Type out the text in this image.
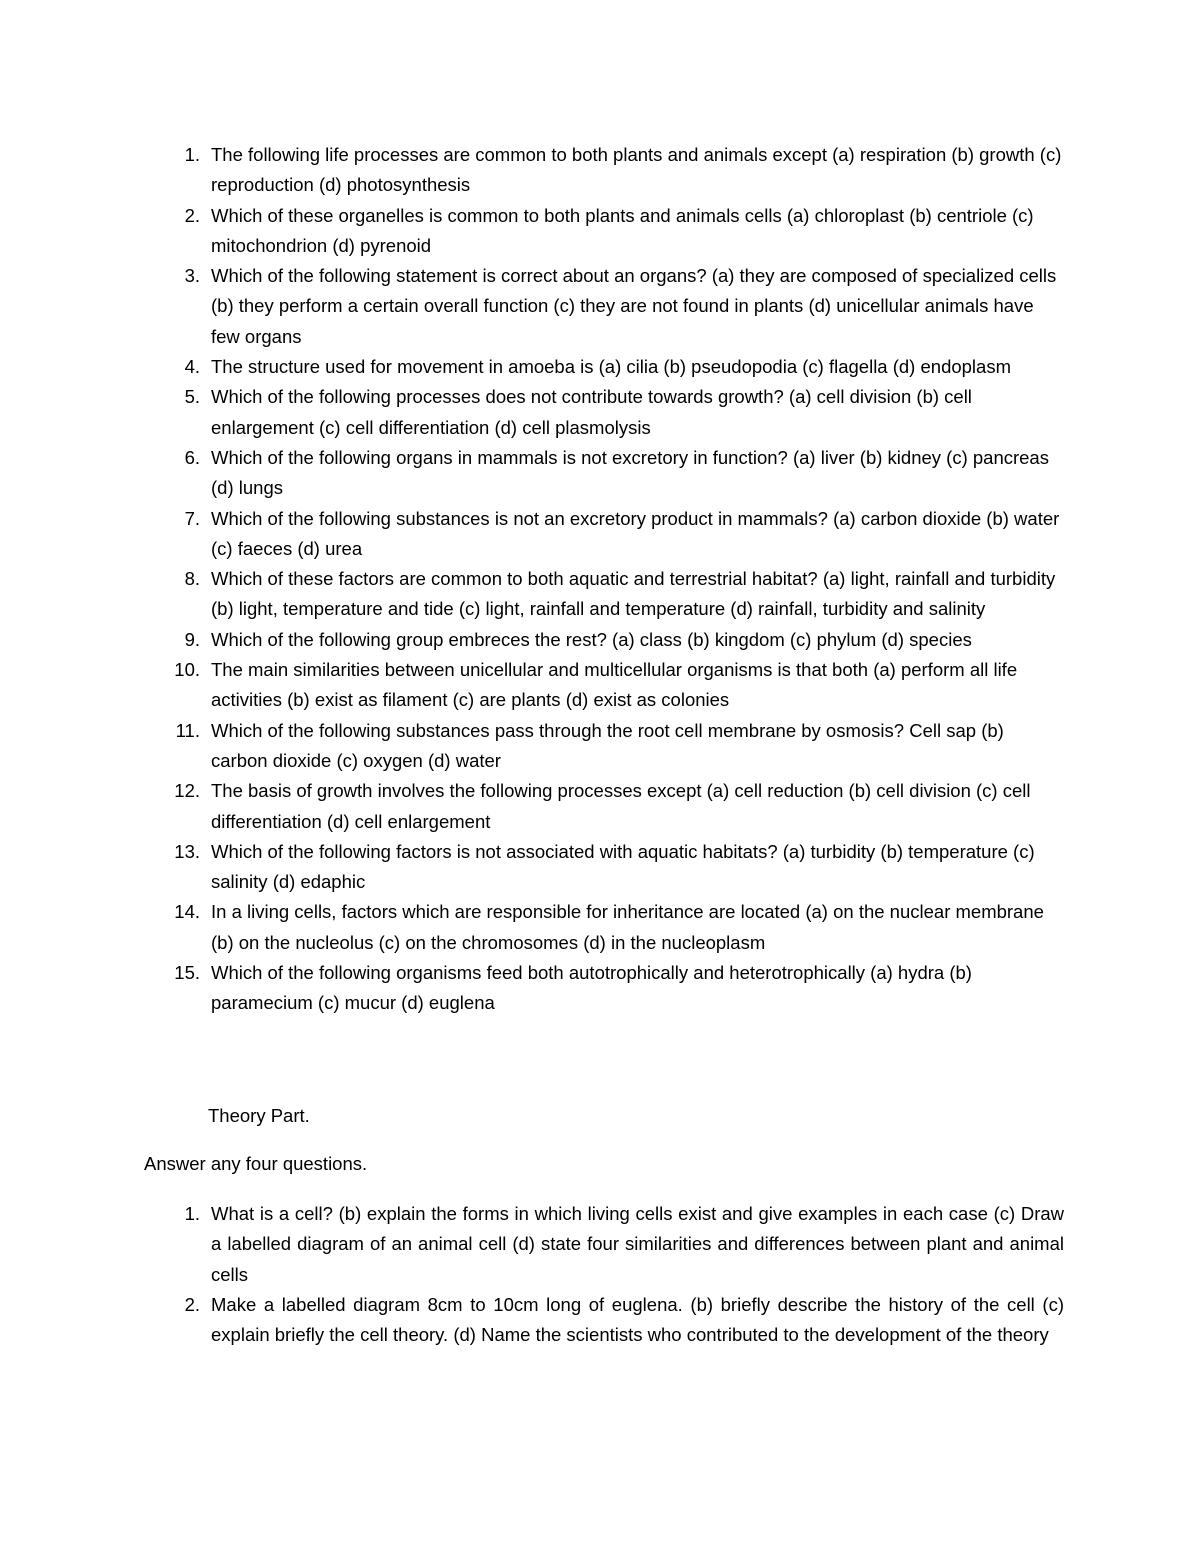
1. The following life processes are common to both plants and animals except (a) respiration (b) growth (c) reproduction (d) photosynthesis
2. Which of these organelles is common to both plants and animals cells (a) chloroplast (b) centriole (c) mitochondrion (d) pyrenoid
3. Which of the following statement is correct about an organs? (a) they are composed of specialized cells (b) they perform a certain overall function (c) they are not found in plants (d) unicellular animals have few organs
4. The structure used for movement in amoeba is (a) cilia (b) pseudopodia (c) flagella (d) endoplasm
5. Which of the following processes does not contribute towards growth? (a) cell division (b) cell enlargement (c) cell differentiation (d) cell plasmolysis
6. Which of the following organs in mammals is not excretory in function? (a) liver (b) kidney (c) pancreas (d) lungs
7. Which of the following substances is not an excretory product in mammals? (a) carbon dioxide (b) water (c) faeces (d) urea
8. Which of these factors are common to both aquatic and terrestrial habitat? (a) light, rainfall and turbidity (b) light, temperature and tide (c) light, rainfall and temperature (d) rainfall, turbidity and salinity
9. Which of the following group embreces the rest? (a) class (b) kingdom (c) phylum (d) species
10. The main similarities between unicellular and multicellular organisms is that both (a) perform all life activities (b) exist as filament (c) are plants (d) exist as colonies
11. Which of the following substances pass through the root cell membrane by osmosis? Cell sap (b) carbon dioxide (c) oxygen (d) water
12. The basis of growth involves the following processes except (a) cell reduction (b) cell division (c) cell differentiation (d) cell enlargement
13. Which of the following factors is not associated with aquatic habitats? (a) turbidity (b) temperature (c) salinity (d) edaphic
14. In a living cells, factors which are responsible for inheritance are located (a) on the nuclear membrane (b) on the nucleolus (c) on the chromosomes (d) in the nucleoplasm
15. Which of the following organisms feed both autotrophically and heterotrophically (a) hydra (b) paramecium (c) mucur (d) euglena
Theory Part.

Answer any four questions.

1. What is a cell? (b) explain the forms in which living cells exist and give examples in each case (c) Draw a labelled diagram of an animal cell (d) state four similarities and differences between plant and animal cells
2. Make a labelled diagram 8cm to 10cm long of euglena. (b) briefly describe the history of the cell (c) explain briefly the cell theory. (d) Name the scientists who contributed to the development of the theory
